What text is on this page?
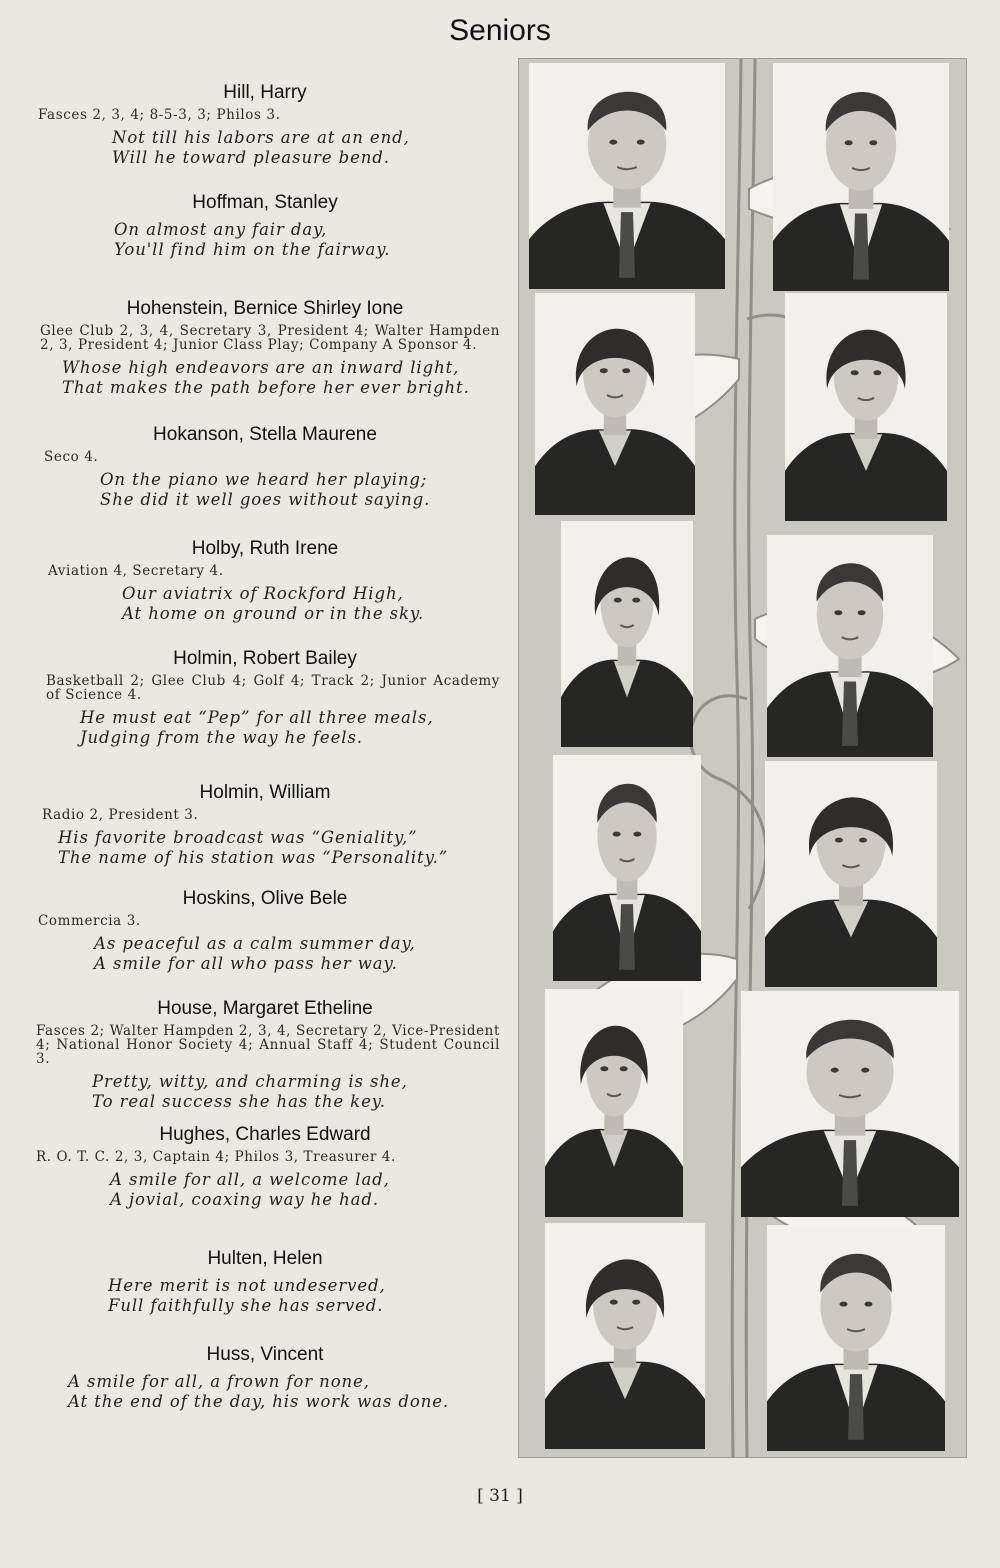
Seniors

Hill, Harry

Fasces 2, 3, 4; 8-5-3, 3; Philos 3.

Not till his labors are at an end,
Will he toward pleasure bend.

Hoffman, Stanley

On almost any fair day,
You'll find him on the fairway.

Hohenstein, Bernice Shirley Ione

Glee Club 2, 3, 4, Secretary 3, President 4; Walter Hampden 2, 3, President 4; Junior Class Play; Company A Sponsor 4.

Whose high endeavors are an inward light,
That makes the path before her ever bright.

Hokanson, Stella Maurene

Seco 4.

On the piano we heard her playing;
She did it well goes without saying.

Holby, Ruth Irene

Aviation 4, Secretary 4.

Our aviatrix of Rockford High,
At home on ground or in the sky.

Holmin, Robert Bailey

Basketball 2; Glee Club 4; Golf 4; Track 2; Junior Academy of Science 4.

He must eat “Pep” for all three meals,
Judging from the way he feels.

Holmin, William

Radio 2, President 3.

His favorite broadcast was “Geniality,”
The name of his station was “Personality.”

Hoskins, Olive Bele

Commercia 3.

As peaceful as a calm summer day,
A smile for all who pass her way.

House, Margaret Etheline

Fasces 2; Walter Hampden 2, 3, 4, Secretary 2, Vice-President 4; National Honor Society 4; Annual Staff 4; Student Council 3.

Pretty, witty, and charming is she,
To real success she has the key.

Hughes, Charles Edward

R. O. T. C. 2, 3, Captain 4; Philos 3, Treasurer 4.

A smile for all, a welcome lad,
A jovial, coaxing way he had.

Hulten, Helen

Here merit is not undeserved,
Full faithfully she has served.

Huss, Vincent

A smile for all, a frown for none,
At the end of the day, his work was done.
[ 31 ]
